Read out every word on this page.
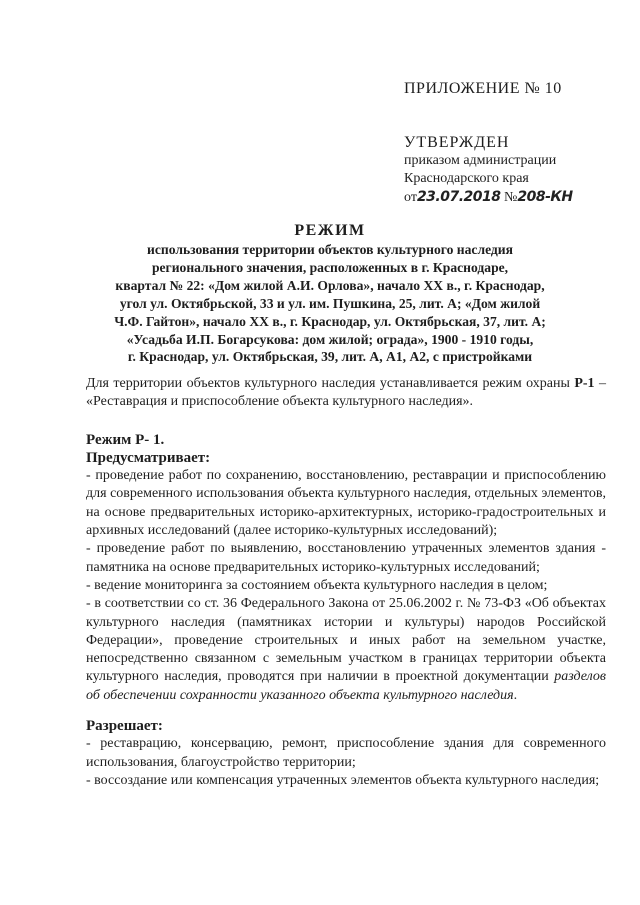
ПРИЛОЖЕНИЕ № 10

УТВЕРЖДЕН

приказом администрации

Краснодарского края

от23.07.2018 №208-КН

РЕЖИМ

использования территории объектов культурного наследия
регионального значения, расположенных в г. Краснодаре,
квартал № 22: «Дом жилой А.И. Орлова», начало XX в., г. Краснодар,
угол ул. Октябрьской, 33 и ул. им. Пушкина, 25, лит. А; «Дом жилой
Ч.Ф. Гайтон», начало XX в., г. Краснодар, ул. Октябрьская, 37, лит. А;
«Усадьба И.П. Богарсукова: дом жилой; ограда», 1900 - 1910 годы,
г. Краснодар, ул. Октябрьская, 39, лит. А, А1, А2, с пристройками

Для территории объектов культурного наследия устанавливается режим охраны Р-1 – «Реставрация и приспособление объекта культурного наследия».

Режим Р- 1.

Предусматривает:

- проведение работ по сохранению, восстановлению, реставрации и приспособлению для современного использования объекта культурного наследия, отдельных элементов, на основе предварительных историко-архитектурных, историко-градостроительных и архивных исследований (далее историко-культурных исследований);

- проведение работ по выявлению, восстановлению утраченных элементов здания - памятника на основе предварительных историко-культурных исследований;

- ведение мониторинга за состоянием объекта культурного наследия в целом;

- в соответствии со ст. 36 Федерального Закона от 25.06.2002 г. № 73-ФЗ «Об объектах культурного наследия (памятниках истории и культуры) народов Российской Федерации», проведение строительных и иных работ на земельном участке, непосредственно связанном с земельным участком в границах территории объекта культурного наследия, проводятся при наличии в проектной документации разделов об обеспечении сохранности указанного объекта культурного наследия.

Разрешает:

- реставрацию, консервацию, ремонт, приспособление здания для современного использования, благоустройство территории;

- воссоздание или компенсация утраченных элементов объекта культурного наследия;
